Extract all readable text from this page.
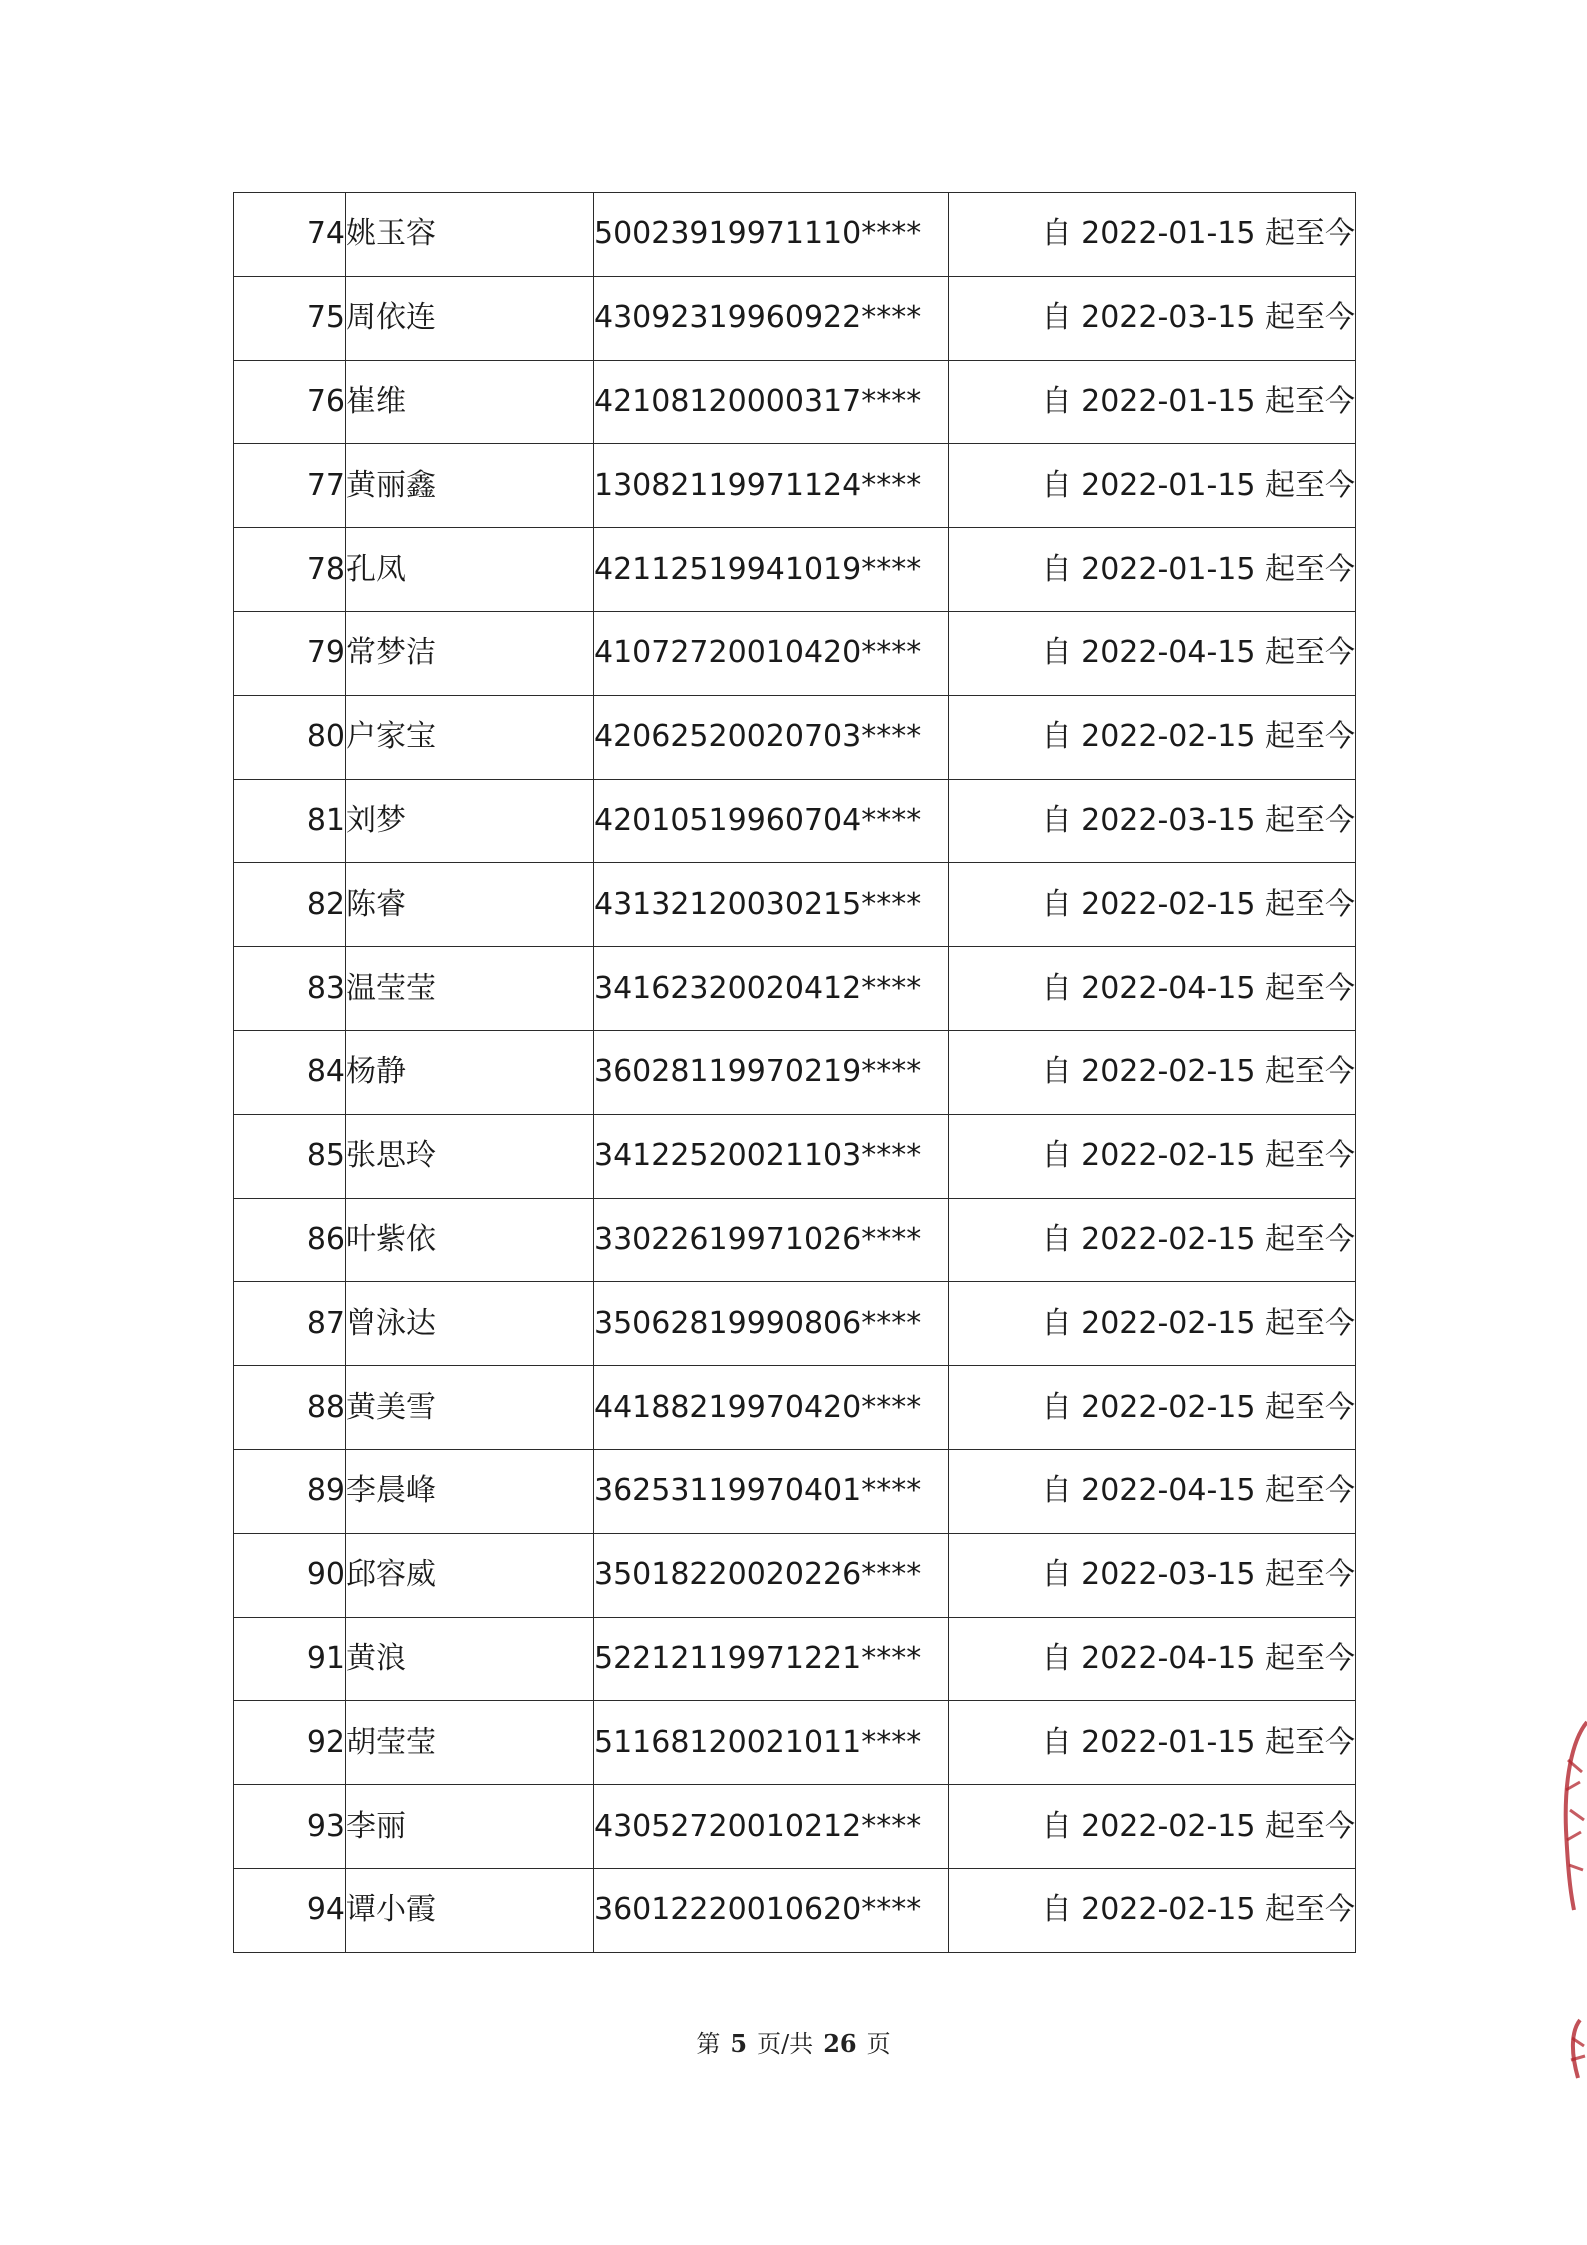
74	姚玉容	50023919971110****	自 2022-01-15 起至今
75	周依连	43092319960922****	自 2022-03-15 起至今
76	崔维	42108120000317****	自 2022-01-15 起至今
77	黄丽鑫	13082119971124****	自 2022-01-15 起至今
78	孔凤	42112519941019****	自 2022-01-15 起至今
79	常梦洁	41072720010420****	自 2022-04-15 起至今
80	户家宝	42062520020703****	自 2022-02-15 起至今
81	刘梦	42010519960704****	自 2022-03-15 起至今
82	陈睿	43132120030215****	自 2022-02-15 起至今
83	温莹莹	34162320020412****	自 2022-04-15 起至今
84	杨静	36028119970219****	自 2022-02-15 起至今
85	张思玲	34122520021103****	自 2022-02-15 起至今
86	叶紫依	33022619971026****	自 2022-02-15 起至今
87	曾泳达	35062819990806****	自 2022-02-15 起至今
88	黄美雪	44188219970420****	自 2022-02-15 起至今
89	李晨峰	36253119970401****	自 2022-04-15 起至今
90	邱容威	35018220020226****	自 2022-03-15 起至今
91	黄浪	52212119971221****	自 2022-04-15 起至今
92	胡莹莹	51168120021011****	自 2022-01-15 起至今
93	李丽	43052720010212****	自 2022-02-15 起至今
94	谭小霞	36012220010620****	自 2022-02-15 起至今
第 5 页/共 26 页
